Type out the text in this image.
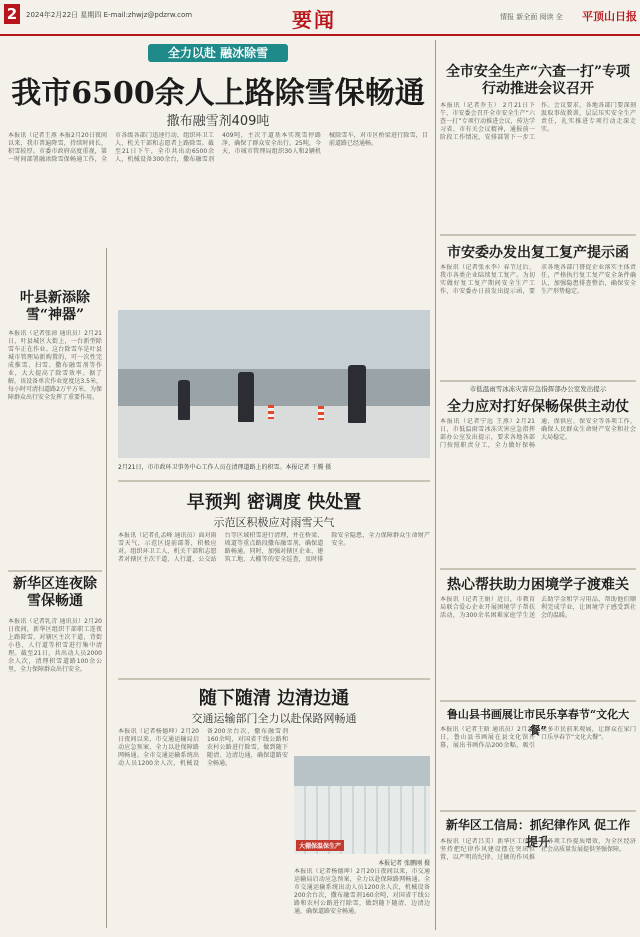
2	2024年2月22日 星期四 E-mail:zhwjz@pdzrw.com	要闻	情报 新全面 阅读 全 平顶山日报
全力以赴 融冰除雪
我市6500余人上路除雪保畅通
撒布融雪剂409吨
本报讯（记者王燕 本报2月20日夜间以来，我市普遍降雪，持续时间长，积雪较厚。市委市政府高度重视，第一时间部署融冰除雪保畅通工作，全市各级各部门迅速行动，组织环卫工人、机关干部和志愿者上路除雪。截至21日下午，全市共出动6500余人，机械设备300余台，撒布融雪剂409吨，主次干道基本实现雪停路净，确保了群众安全出行。25吨，今天，市城市管理局组织30人和2辆机械除雪车，对市区桥梁进行除雪，目前道路已经通畅。
叶县新添除雪“神器”
本报讯（记者张漳 通讯员）2月21日，叶县城区大街上，一台新型除雪车正在作业。这台除雪车是叶县城市管理局新购置的，可一次性完成推雪、扫雪、撒布融雪剂等作业，大大提高了除雪效率。据了解，该设备单次作业宽度达3.5米，每小时可清扫道路2万平方米，为保障群众出行安全发挥了重要作用。
新华区连夜除雪保畅通
本报讯（记者乳青 通讯员）2月20日夜间，新华区组织干部职工连夜上路除雪，对辖区主次干道、背街小巷、人行道等积雪进行集中清理。截至21日，共出动人员2000余人次，清理积雪道路100余公里，全力保障群众出行安全。
2月21日，市市政环卫事务中心工作人员在清理道路上的积雪。本报记者 于腾 摄
早预判 密调度 快处置
示范区积极应对雨雪天气
本报讯（记者孔孟峰 通讯员）面对雨雪天气，示范区提前部署，积极应对。组织环卫工人、机关干部和志愿者对辖区主次干道、人行道、公交站台等区域积雪进行清理，并在桥梁、坡道等重点路段撒布融雪剂，确保道路畅通。同时，加强对辖区企业、建筑工地、大棚等的安全巡查，及时排除安全隐患，全力保障群众生命财产安全。
随下随清 边清边通
交通运输部门全力以赴保路网畅通
本报讯（记者杨德坤）2月20日夜间以来，市交通运输局启动应急预案，全力以赴保障路网畅通。全市交通运输系统出动人员1200余人次，机械设备200余台次，撒布融雪剂160余吨，对国省干线公路和农村公路进行除雪，做到随下随清、边清边通，确保道路安全畅通。
大棚保温保生产
本报记者 张鹏刚 摄
本报讯（记者杨德坤）2月20日夜间以来，市交通运输局启动应急预案，全力以赴保障路网畅通。全市交通运输系统出动人员1200余人次，机械设备200余台次，撒布融雪剂160余吨，对国省干线公路和农村公路进行除雪，做到随下随清、边清边通，确保道路安全畅通。
全市安全生产“六查一打”专项行动推进会议召开
本报讯（记者乔玉） 2月21日下午，市安委会召开全市安全生产“六查一打”专项行动推进会议，传达学习省、市有关会议精神，通报前一阶段工作情况，安排部署下一步工作。会议要求，各地各部门要深刻汲取事故教训，层层压实安全生产责任，扎实推进专项行动走深走实。
市安委办发出复工复产提示函
本报讯（记者张永李）春节过后，我市各类企业陆续复工复产。为切实做好复工复产期间安全生产工作，市安委办日前发出提示函，要求各地各部门督促企业落实主体责任，严格执行复工复产安全条件确认，加强隐患排查整治，确保安全生产形势稳定。
市低温雨雪冰冻灾害应急指挥部办公室发出提示
全力应对打好保畅保供主动仗
本报讯（记者宁远 王燕）2月21日，市低温雨雪冰冻灾害应急指挥部办公室发出提示，要求各地各部门按照职责分工，全力做好保畅通、保供应、保安全等各项工作，确保人民群众生命财产安全和社会大局稳定。
热心帮扶助力困境学子渡难关
本报讯（记者王娟）近日，市教育局联合爱心企业开展困境学子帮扶活动，为300余名困难家庭学生送去助学金和学习用品，帮助他们顺利完成学业，让困境学子感受到社会的温暖。
鲁山县书画展让市民乐享春节“文化大餐”
本报讯（记者王晗 通讯员）2月20日，鲁山县书画展在县文化馆开幕，展出书画作品200余幅，吸引众多市民前来观展，让群众在家门口乐享春节“文化大餐”。
新华区工信局：抓纪律作风 促工作提升
本报讯（记者吕美）新华区工信局坚持把纪律作风建设摆在突出位置，以严明的纪律、过硬的作风推动各项工作提质增效，为全区经济社会高质量发展提供坚强保障。
